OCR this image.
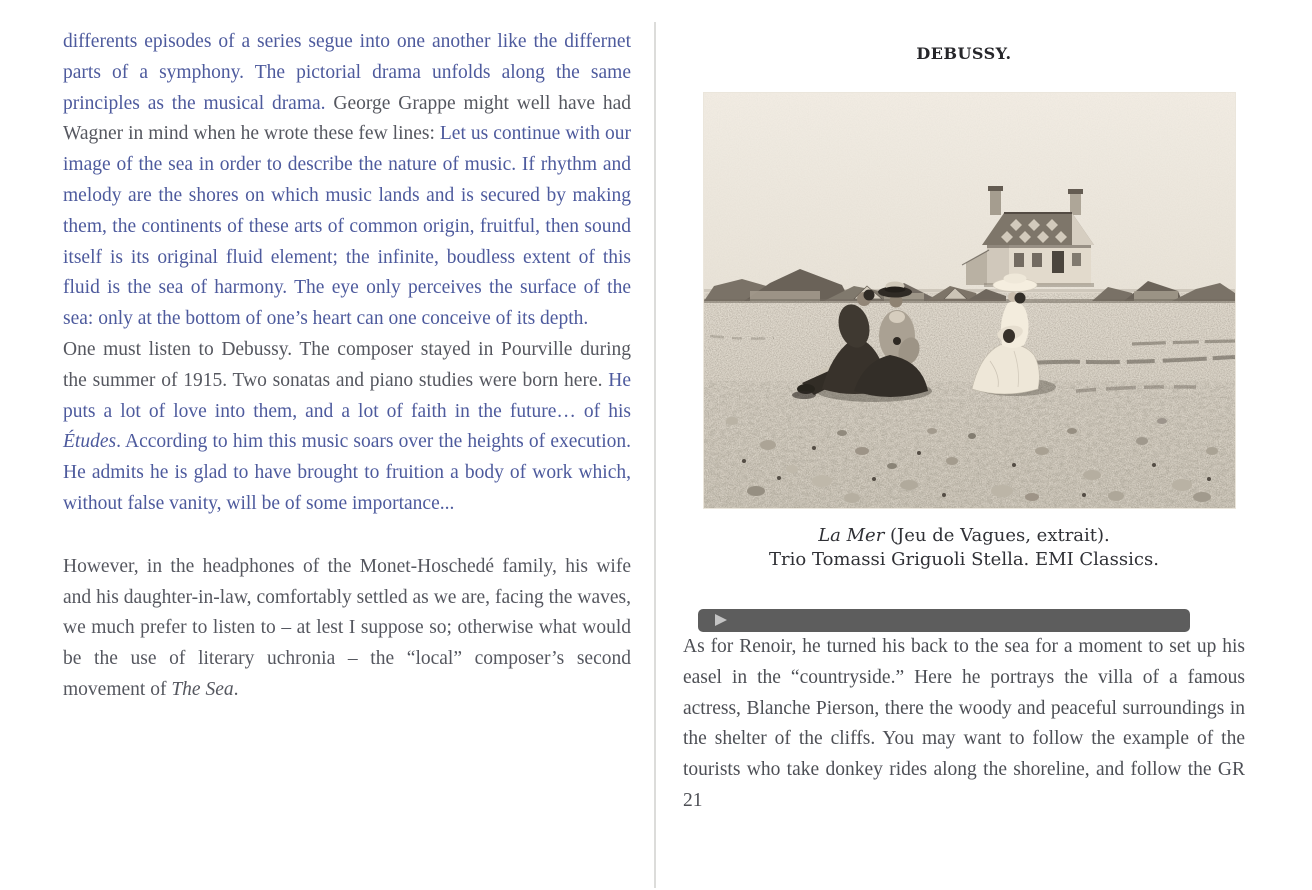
differents episodes of a series segue into one another like the differnet parts of a symphony. The pictorial drama unfolds along the same principles as the musical drama. George Grappe might well have had Wagner in mind when he wrote these few lines: Let us continue with our image of the sea in order to describe the nature of music. If rhythm and melody are the shores on which music lands and is secured by making them, the continents of these arts of common origin, fruitful, then sound itself is its original fluid element; the infinite, boudless extent of this fluid is the sea of harmony. The eye only perceives the surface of the sea: only at the bottom of one’s heart can one conceive of its depth.

One must listen to Debussy. The composer stayed in Pourville during the summer of 1915. Two sonatas and piano studies were born here. He puts a lot of love into them, and a lot of faith in the future… of his Études. According to him this music soars over the heights of execution. He admits he is glad to have brought to fruition a body of work which, without false vanity, will be of some importance...

However, in the headphones of the Monet-Hoschedé family, his wife and his daughter-in-law, comfortably settled as we are, facing the waves, we much prefer to listen to – at lest I suppose so; otherwise what would be the use of literary uchronia – the “local” composer’s second movement of The Sea.

DEBUSSY.
La Mer (Jeu de Vagues, extrait).
Trio Tomassi Griguoli Stella. EMI Classics.

As for Renoir, he turned his back to the sea for a moment to set up his easel in the “countryside.” Here he portrays the villa of a famous actress, Blanche Pierson, there the woody and peaceful surroundings in the shelter of the cliffs. You may want to follow the example of the tourists who take donkey rides along the shoreline, and follow the GR 21
